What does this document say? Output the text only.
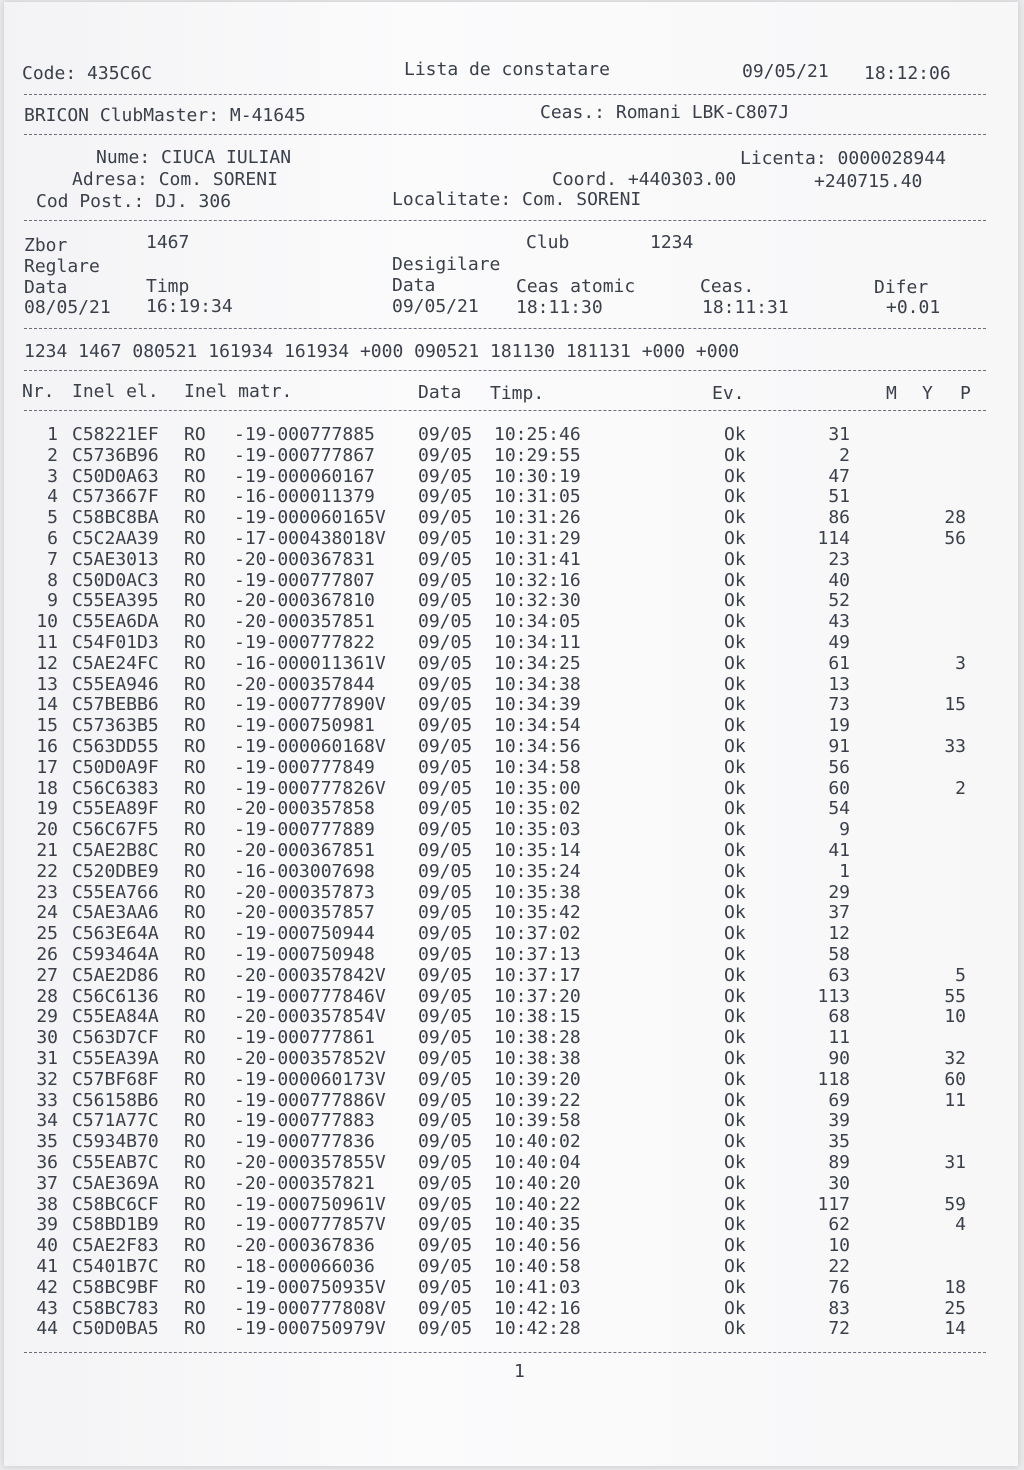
Code: 435C6C	Lista de constatare	09/05/21 18:12:06
BRICON ClubMaster: M-41645	Ceas.: Romani LBK-C807J
Nume: CIUCA IULIAN	Licenta: 0000028944
Adresa: Com. SORENI	Coord. +440303.00	+240715.40
Cod Post.: DJ. 306	Localitate: Com. SORENI
Zbor	1467	Club	1234
Reglare	Desigilare
Data	Timp	Data	Ceas atomic	Ceas.	Difer
08/05/21 16:19:34	09/05/21 18:11:30	18:11:31	+0.01
1234 1467 080521 161934 161934 +000 090521 181130 181131 +000 +000
Nr. Inel el. Inel matr.	Data Timp.	Ev.	M Y P
1 C58221EF RO -19-000777885 09/05 10:25:46	Ok	31
2 C5736B96 RO -19-000777867 09/05 10:29:55	Ok	2
3 C50D0A63 RO -19-000060167 09/05 10:30:19	Ok	47
4 C573667F RO -16-000011379 09/05 10:31:05	Ok	51
5 C58BC8BA RO -19-000060165V 09/05 10:31:26	Ok	86	28
6 C5C2AA39 RO -17-000438018V 09/05 10:31:29	Ok	114	56
7 C5AE3013 RO -20-000367831 09/05 10:31:41	Ok	23
8 C50D0AC3 RO -19-000777807 09/05 10:32:16	Ok	40
9 C55EA395 RO -20-000367810 09/05 10:32:30	Ok	52
10 C55EA6DA RO -20-000357851 09/05 10:34:05	Ok	43
11 C54F01D3 RO -19-000777822 09/05 10:34:11	Ok	49
12 C5AE24FC RO -16-000011361V 09/05 10:34:25	Ok	61	3
13 C55EA946 RO -20-000357844 09/05 10:34:38	Ok	13
14 C57BEBB6 RO -19-000777890V 09/05 10:34:39	Ok	73	15
15 C57363B5 RO -19-000750981 09/05 10:34:54	Ok	19
16 C563DD55 RO -19-000060168V 09/05 10:34:56	Ok	91	33
17 C50D0A9F RO -19-000777849 09/05 10:34:58	Ok	56
18 C56C6383 RO -19-000777826V 09/05 10:35:00	Ok	60	2
19 C55EA89F RO -20-000357858 09/05 10:35:02	Ok	54
20 C56C67F5 RO -19-000777889 09/05 10:35:03	Ok	9
21 C5AE2B8C RO -20-000367851 09/05 10:35:14	Ok	41
22 C520DBE9 RO -16-003007698 09/05 10:35:24	Ok	1
23 C55EA766 RO -20-000357873 09/05 10:35:38	Ok	29
24 C5AE3AA6 RO -20-000357857 09/05 10:35:42	Ok	37
25 C563E64A RO -19-000750944 09/05 10:37:02	Ok	12
26 C593464A RO -19-000750948 09/05 10:37:13	Ok	58
27 C5AE2D86 RO -20-000357842V 09/05 10:37:17	Ok	63	5
28 C56C6136 RO -19-000777846V 09/05 10:37:20	Ok	113	55
29 C55EA84A RO -20-000357854V 09/05 10:38:15	Ok	68	10
30 C563D7CF RO -19-000777861 09/05 10:38:28	Ok	11
31 C55EA39A RO -20-000357852V 09/05 10:38:38	Ok	90	32
32 C57BF68F RO -19-000060173V 09/05 10:39:20	Ok	118	60
33 C56158B6 RO -19-000777886V 09/05 10:39:22	Ok	69	11
34 C571A77C RO -19-000777883 09/05 10:39:58	Ok	39
35 C5934B70 RO -19-000777836 09/05 10:40:02	Ok	35
36 C55EAB7C RO -20-000357855V 09/05 10:40:04	Ok	89	31
37 C5AE369A RO -20-000357821 09/05 10:40:20	Ok	30
38 C58BC6CF RO -19-000750961V 09/05 10:40:22	Ok	117	59
39 C58BD1B9 RO -19-000777857V 09/05 10:40:35	Ok	62	4
40 C5AE2F83 RO -20-000367836 09/05 10:40:56	Ok	10
41 C5401B7C RO -18-000066036 09/05 10:40:58	Ok	22
42 C58BC9BF RO -19-000750935V 09/05 10:41:03	Ok	76	18
43 C58BC783 RO -19-000777808V 09/05 10:42:16	Ok	83	25
44 C50D0BA5 RO -19-000750979V 09/05 10:42:28	Ok	72	14
1
